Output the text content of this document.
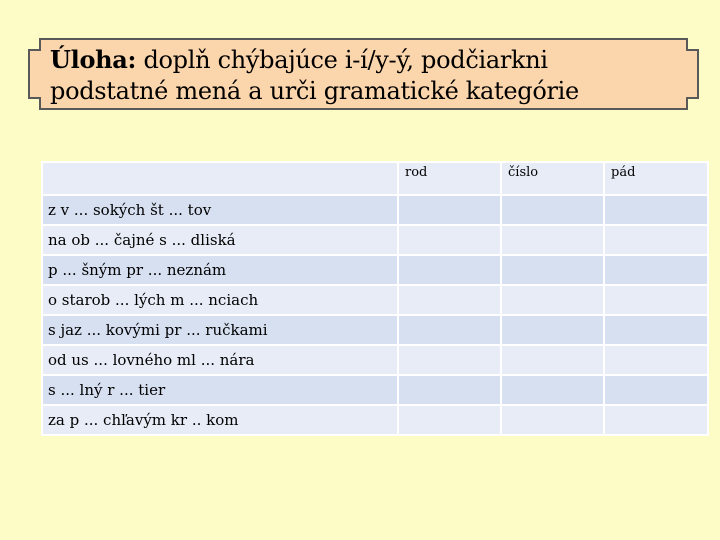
Úloha: doplň chýbajúce i-í/y-ý, podčiarkni
podstatné mená a urči gramatické kategórie
	rod	číslo	pád
z v ... sokých št ... tov			
na ob ... čajné s ... dliská			
p ... šným pr ... neznám			
o starob ... lých m ... nciach			
s jaz ... kovými pr ... ručkami			
od us ... lovného ml ... nára			
s ... lný r ... tier			
za p ... chľavým kr .. kom			
